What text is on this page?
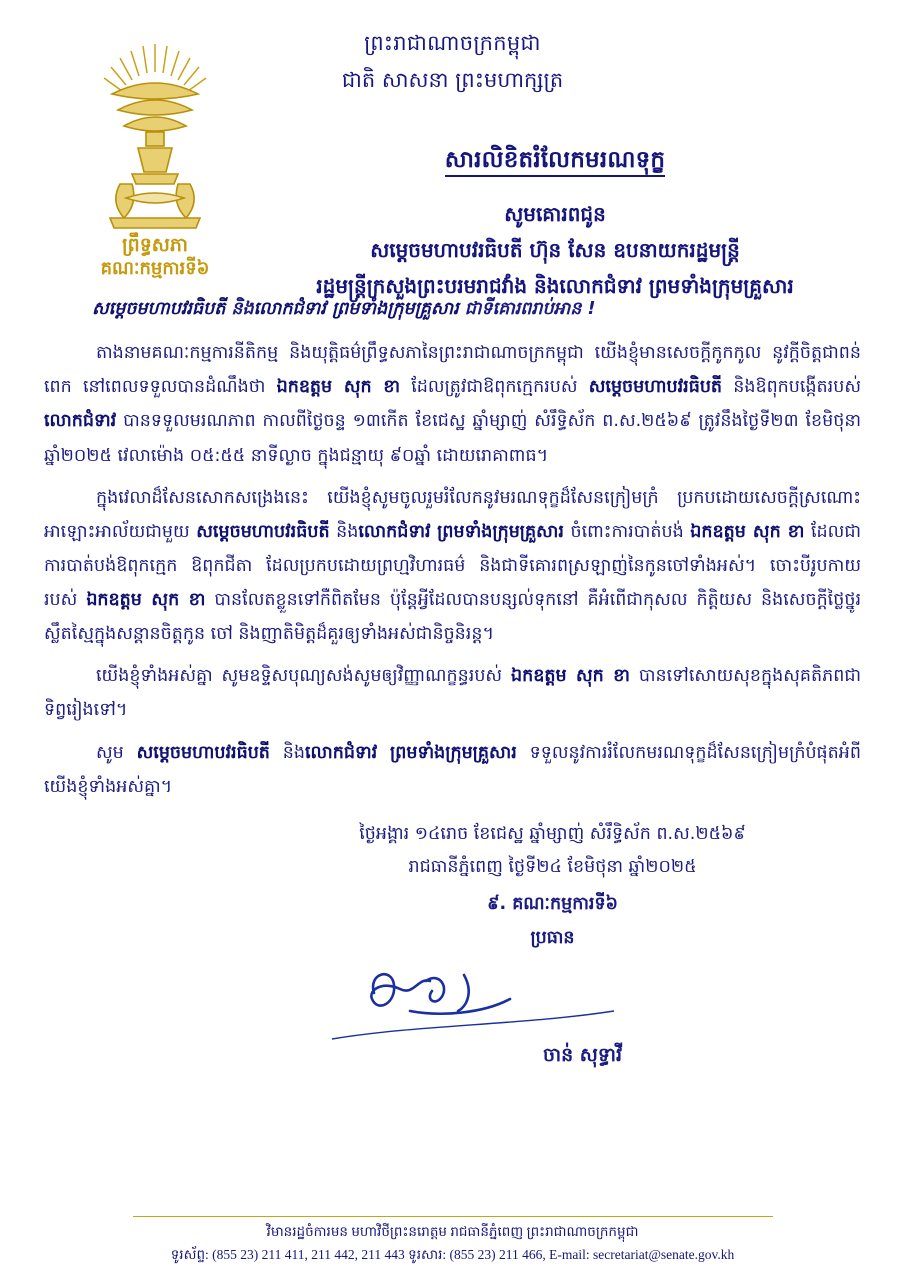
ព្រឹទ្ធសភា
គណៈកម្មការទី៦
ព្រះរាជាណាចក្រកម្ពុជា
ជាតិ សាសនា ព្រះមហាក្សត្រ
សារលិខិតរំលែកមរណទុក្ខ
សូមគោរពជូន
សម្តេចមហាបវរធិបតី ហ៊ុន សែន ឧបនាយករដ្ឋមន្ត្រី
រដ្ឋមន្ត្រីក្រសួងព្រះបរមរាជវាំង និងលោកជំទាវ ព្រមទាំងក្រុមគ្រួសារ
សម្តេចមហាបវរធិបតី និងលោកជំទាវ ព្រមទាំងក្រុមគ្រួសារ ជាទីគោរពរាប់អាន !

តាងនាមគណៈកម្មការនីតិកម្ម និងយុត្តិធម៌ព្រឹទ្ធសភានៃព្រះរាជាណាចក្រកម្ពុជា យើងខ្ញុំមានសេចក្តីកូកកូល នូវក្តីចិត្តជាពន់ពេក នៅពេលទទួលបានដំណឹងថា ឯកឧត្តម សុក ខា ដែលត្រូវជាឱពុកក្មេករបស់ សម្តេចមហាបវរធិបតី និងឱពុកបង្កើតរបស់ លោកជំទាវ បានទទួលមរណភាព កាលពីថ្ងៃចន្ទ ១៣កើត ខែជេស្ឋ ឆ្នាំម្សាញ់ សំរឹទ្ធិស័ក ព.ស.២៥៦៩ ត្រូវនឹងថ្ងៃទី២៣ ខែមិថុនា ឆ្នាំ២០២៥ វេលាម៉ោង ០៥:៥៥ នាទីល្ងាច ក្នុងជន្មាយុ ៩០ឆ្នាំ ដោយរោគាពាធ។

ក្នុងវេលាដ៏សែនសោកសង្រេងនេះ យើងខ្ញុំសូមចូលរួមរំលែកនូវមរណទុក្ខដ៏សែនក្រៀមក្រំ ប្រកបដោយសេចក្តីស្រណោះអាឡោះអាល័យជាមួយ សម្តេចមហាបវរធិបតី និងលោកជំទាវ ព្រមទាំងក្រុមគ្រួសារ ចំពោះការបាត់បង់ ឯកឧត្តម សុក ខា ដែលជាការបាត់បង់ឱពុកក្មេក ឱពុកជីតា ដែលប្រកបដោយព្រហ្មវិហារធម៌ និងជាទីគោរពស្រឡាញ់នៃកូនចៅទាំងអស់។ ចោះបីរូបកាយរបស់ ឯកឧត្តម សុក ខា បានលែតខ្លួនទៅកឺពិតមែន ប៉ុន្តែអ្វីដែលបានបន្សល់ទុកនៅ គឺអំពើជាកុសល កិត្តិយស និងសេចក្តីថ្លៃថ្នូរស្លឹតស្មៃក្នុងសន្តានចិត្តកូន ចៅ និងញាតិមិត្តដ៏គួរឲ្យទាំងអស់ជានិច្ចនិរន្ត។

យើងខ្ញុំទាំងអស់គ្នា សូមឧទ្ទិសបុណ្យសង់សូមឲ្យវិញ្ញាណក្ខន្ធរបស់ ឯកឧត្តម សុក ខា បានទៅសោយសុខក្នុងសុគតិភពជាទិព្វរៀងទៅ។

សូម សម្តេចមហាបវរធិបតី និងលោកជំទាវ ព្រមទាំងក្រុមគ្រួសារ ទទួលនូវការរំលែកមរណទុក្ខដ៏សែនក្រៀមក្រំបំផុតអំពីយើងខ្ញុំទាំងអស់គ្នា។

ថ្ងៃអង្គារ ១៤រោច ខែជេស្ឋ ឆ្នាំម្សាញ់ សំរឹទ្ធិស័ក ព.ស.២៥៦៩
រាជធានីភ្នំពេញ ថ្ងៃទី២៤ ខែមិថុនា ឆ្នាំ២០២៥
៩. គណៈកម្មការទី៦
ប្រធាន
ចាន់ សុទ្ធាវី
វិមានរដ្ឋចំការមន មហាវិថីព្រះនរោត្តម រាជធានីភ្នំពេញ ព្រះរាជាណាចក្រកម្ពុជា
ទូរស័ព្ទ: (855 23) 211 411, 211 442, 211 443 ទូរសារ: (855 23) 211 466, E-mail: secretariat@senate.gov.kh
